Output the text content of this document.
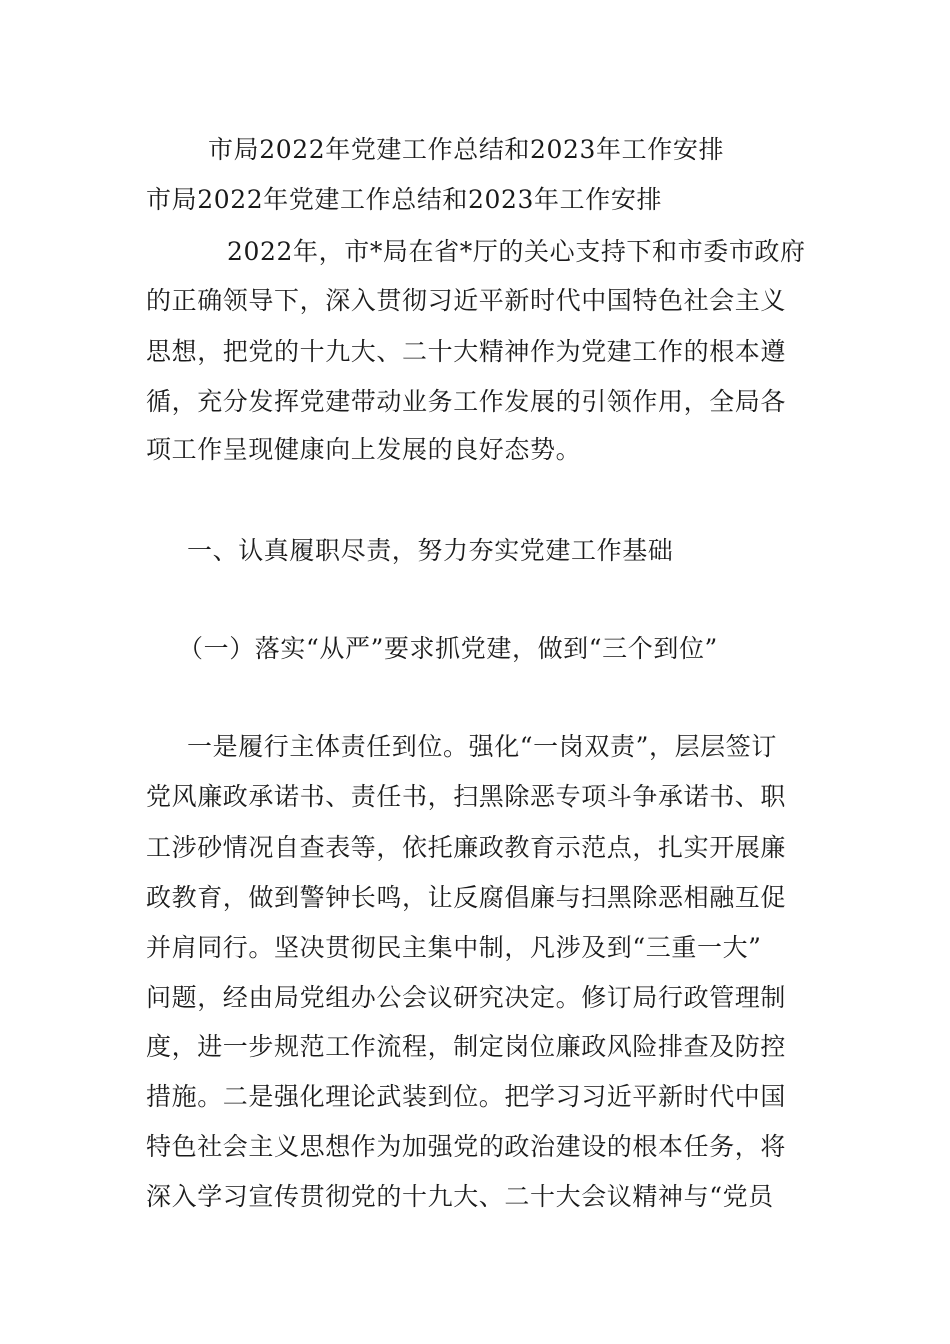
市局2022年党建工作总结和2023年工作安排
市局2022年党建工作总结和2023年工作安排
2022年，市*局在省*厅的关心支持下和市委市政府
的正确领导下，深入贯彻习近平新时代中国特色社会主义
思想，把党的十九大、二十大精神作为党建工作的根本遵
循，充分发挥党建带动业务工作发展的引领作用，全局各
项工作呈现健康向上发展的良好态势。
一、认真履职尽责，努力夯实党建工作基础
（一）落实“从严”要求抓党建，做到“三个到位”
一是履行主体责任到位。强化“一岗双责”，层层签订
党风廉政承诺书、责任书，扫黑除恶专项斗争承诺书、职
工涉砂情况自查表等，依托廉政教育示范点，扎实开展廉
政教育，做到警钟长鸣，让反腐倡廉与扫黑除恶相融互促
并肩同行。坚决贯彻民主集中制，凡涉及到“三重一大”
问题，经由局党组办公会议研究决定。修订局行政管理制
度，进一步规范工作流程，制定岗位廉政风险排查及防控
措施。二是强化理论武装到位。把学习习近平新时代中国
特色社会主义思想作为加强党的政治建设的根本任务，将
深入学习宣传贯彻党的十九大、二十大会议精神与“党员
